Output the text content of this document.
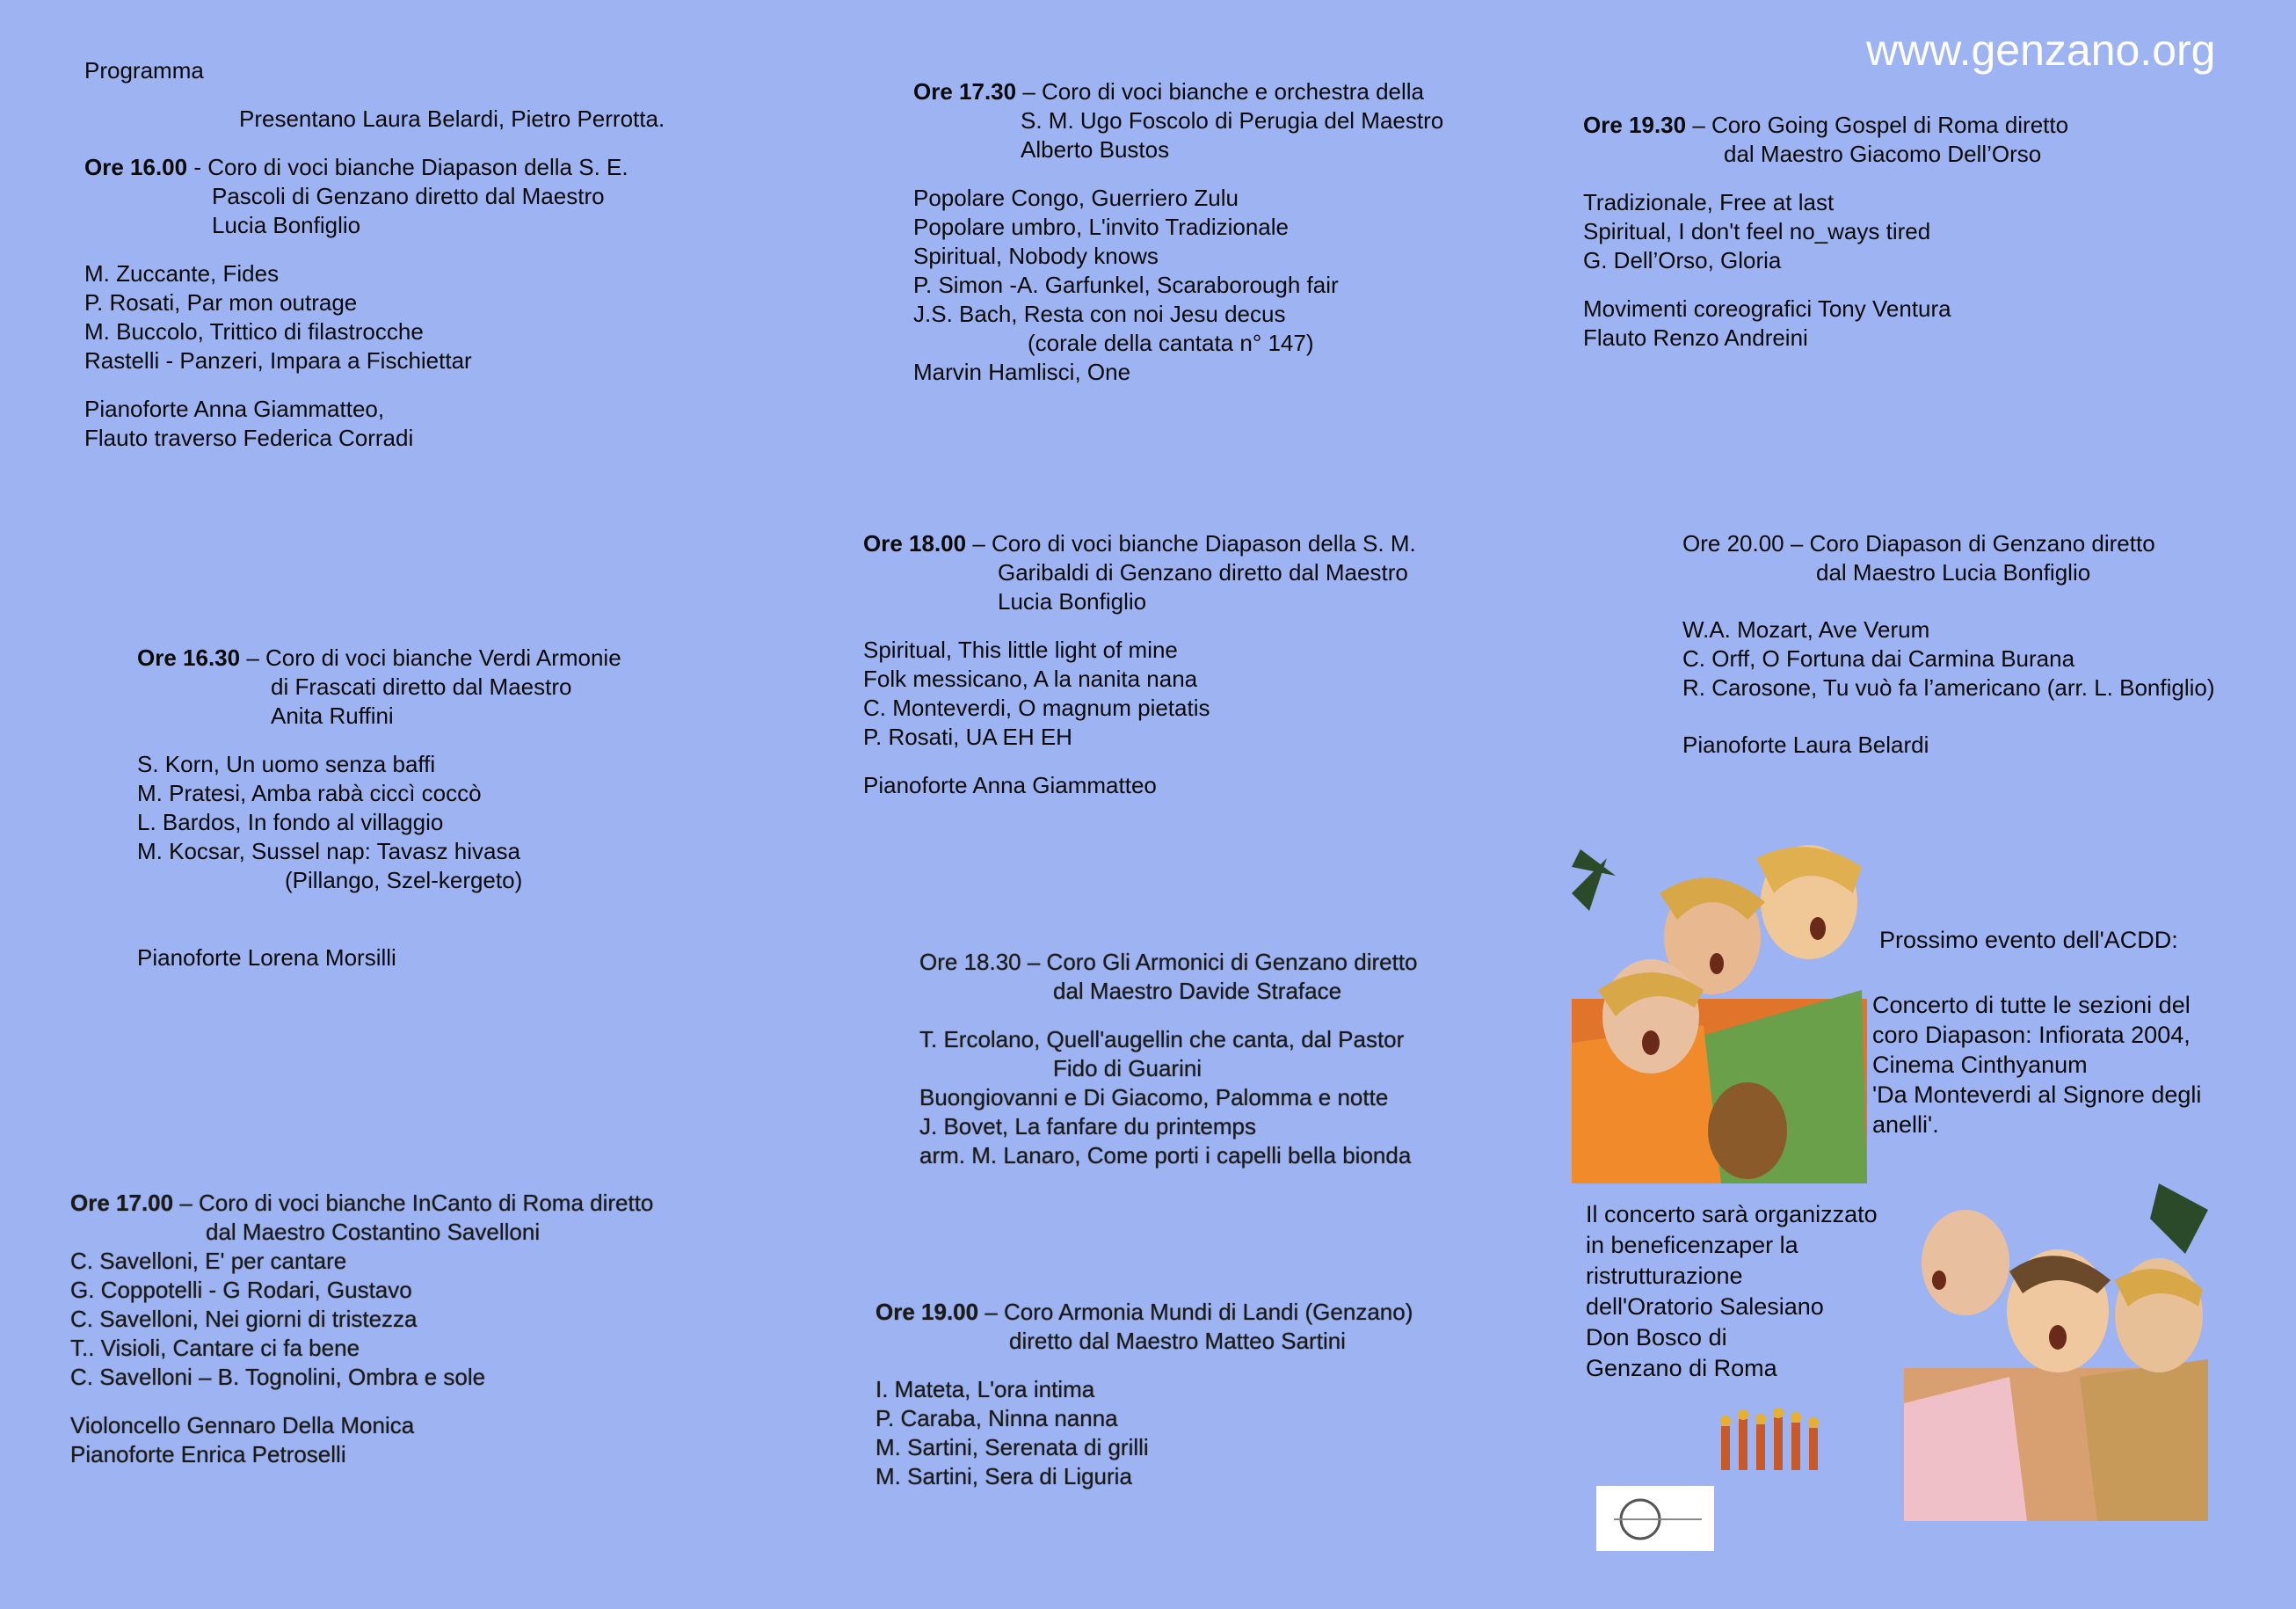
www.genzano.org

Programma

Presentano Laura Belardi, Pietro Perrotta.

Ore 16.00 - Coro di voci bianche Diapason della S. E.

Pascoli di Genzano diretto dal Maestro

Lucia Bonfiglio

M. Zuccante, Fides

P. Rosati, Par mon outrage

M. Buccolo, Trittico di filastrocche

Rastelli - Panzeri, Impara a Fischiettar

Pianoforte Anna Giammatteo,

Flauto traverso Federica Corradi

Ore 16.30 – Coro di voci bianche Verdi Armonie

di Frascati diretto dal Maestro

Anita Ruffini

S. Korn, Un uomo senza baffi

M. Pratesi, Amba rabà ciccì coccò

L. Bardos, In fondo al villaggio

M. Kocsar, Sussel nap: Tavasz hivasa

(Pillango, Szel-kergeto)

Pianoforte Lorena Morsilli

Ore 17.00 – Coro di voci bianche InCanto di Roma diretto

dal Maestro Costantino Savelloni

C. Savelloni, E' per cantare

G. Coppotelli - G Rodari, Gustavo

C. Savelloni, Nei giorni di tristezza

T.. Visioli, Cantare ci fa bene

C. Savelloni – B. Tognolini, Ombra e sole

Violoncello Gennaro Della Monica

Pianoforte Enrica Petroselli

Ore 17.30 – Coro di voci bianche e orchestra della

S. M. Ugo Foscolo di Perugia del Maestro

Alberto Bustos

Popolare Congo, Guerriero Zulu

Popolare umbro, L'invito Tradizionale

Spiritual, Nobody knows

P. Simon -A. Garfunkel, Scaraborough fair

J.S. Bach, Resta con noi Jesu decus

(corale della cantata n° 147)

Marvin Hamlisci, One

Ore 18.00 – Coro di voci bianche Diapason della S. M.

Garibaldi di Genzano diretto dal Maestro

Lucia Bonfiglio

Spiritual, This little light of mine

Folk messicano, A la nanita nana

C. Monteverdi, O magnum pietatis

P. Rosati, UA EH EH

Pianoforte Anna Giammatteo

Ore 18.30 – Coro Gli Armonici di Genzano diretto

dal Maestro Davide Straface

T. Ercolano, Quell'augellin che canta, dal Pastor

Fido di Guarini

Buongiovanni e Di Giacomo, Palomma e notte

J. Bovet, La fanfare du printemps

arm. M. Lanaro, Come porti i capelli bella bionda

Ore 19.00 – Coro Armonia Mundi di Landi (Genzano)

diretto dal Maestro Matteo Sartini

I. Mateta, L'ora intima

P. Caraba, Ninna nanna

M. Sartini, Serenata di grilli

M. Sartini, Sera di Liguria

Ore 19.30 – Coro Going Gospel di Roma diretto

dal Maestro Giacomo Dell’Orso

Tradizionale, Free at last

Spiritual, I don't feel no_ways tired

G. Dell’Orso, Gloria

Movimenti coreografici Tony Ventura

Flauto Renzo Andreini

Ore 20.00 – Coro Diapason di Genzano diretto

dal Maestro Lucia Bonfiglio

W.A. Mozart, Ave Verum

C. Orff, O Fortuna dai Carmina Burana

R. Carosone, Tu vuò fa l’americano (arr. L. Bonfiglio)

Pianoforte Laura Belardi

Prossimo evento dell'ACDD:

Concerto di tutte le sezioni del

coro Diapason: Infiorata 2004,

Cinema Cinthyanum

'Da Monteverdi al Signore degli

anelli'.

Il concerto sarà organizzato

in beneficenzaper la

ristrutturazione

dell'Oratorio Salesiano

Don Bosco di

Genzano di Roma
